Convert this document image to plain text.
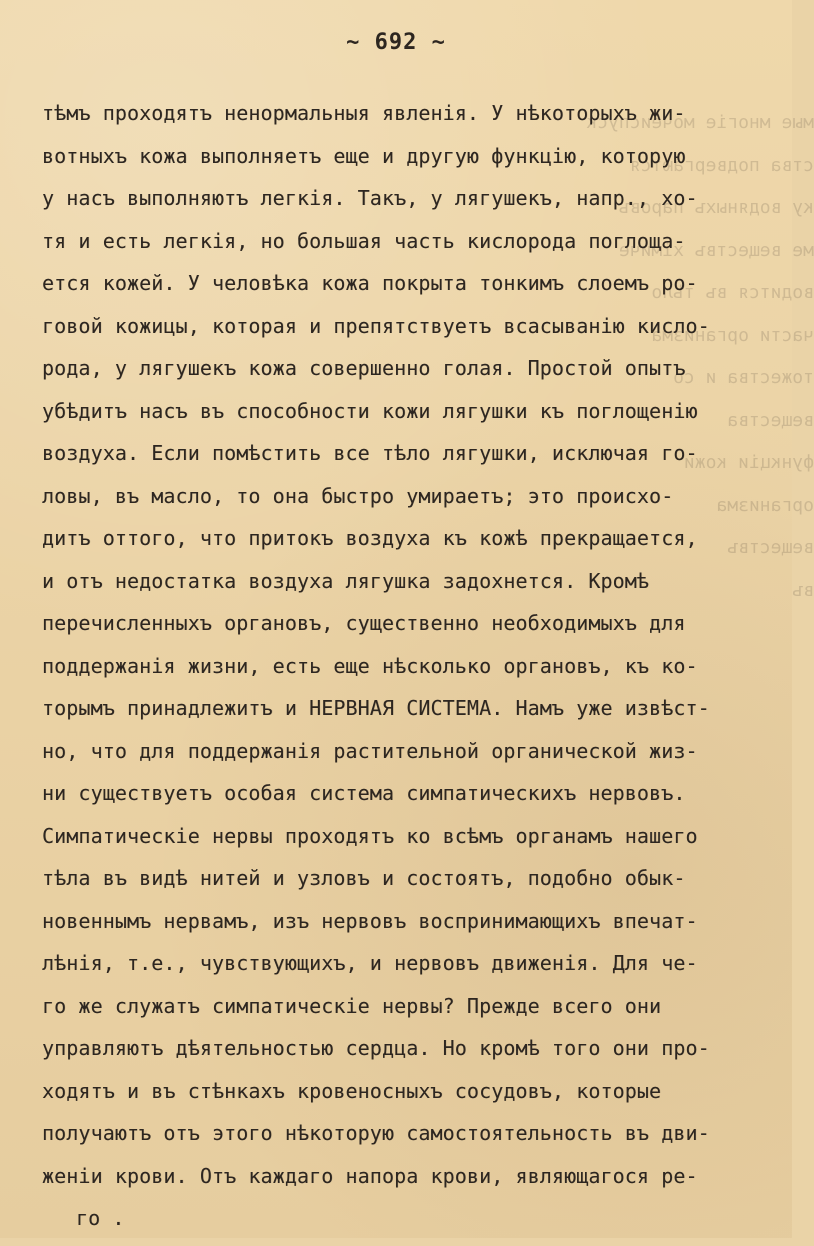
мые многіе мочеиспуск
ства подвергаются
ку водяныхъ паровъ
ме веществъ хімиче
водится въ тѣло
части организма
тожества и со
вещества
функціи кожи
организма
веществъ
въ
~ 692 ~
тѣмъ проходятъ ненормальныя явленія. У нѣкоторыхъ жи-
вотныхъ кожа выполняетъ еще и другую функцію, которую
у насъ выполняютъ легкія. Такъ, у лягушекъ, напр., хо-
тя и есть легкія, но большая часть кислорода поглоща-
ется кожей. У человѣка кожа покрыта тонкимъ слоемъ ро-
говой кожицы, которая и препятствуетъ всасыванію кисло-
рода, у лягушекъ кожа совершенно голая. Простой опытъ
убѣдитъ насъ въ способности кожи лягушки къ поглощенію
воздуха. Если помѣстить все тѣло лягушки, исключая го-
ловы, въ масло, то она быстро умираетъ; это происхо-
дитъ оттого, что притокъ воздуха къ кожѣ прекращается,
и отъ недостатка воздуха лягушка задохнется. Кромѣ
перечисленныхъ органовъ, существенно необходимыхъ для
поддержанія жизни, есть еще нѣсколько органовъ, къ ко-
торымъ принадлежитъ и НЕРВНАЯ СИСТЕМА. Намъ уже извѣст-
но, что для поддержанія растительной органической жиз-
ни существуетъ особая система симпатическихъ нервовъ.
Симпатическіе нервы проходятъ ко всѣмъ органамъ нашего
тѣла въ видѣ нитей и узловъ и состоятъ, подобно обык-
новеннымъ нервамъ, изъ нервовъ воспринимающихъ впечат-
лѣнія, т.е., чувствующихъ, и нервовъ движенія. Для че-
го же служатъ симпатическіе нервы? Прежде всего они
управляютъ дѣятельностью сердца. Но кромѣ того они про-
ходятъ и въ стѣнкахъ кровеносныхъ сосудовъ, которые
получаютъ отъ этого нѣкоторую самостоятельность въ дви-
женіи крови. Отъ каждаго напора крови, являющагося ре-
го .
